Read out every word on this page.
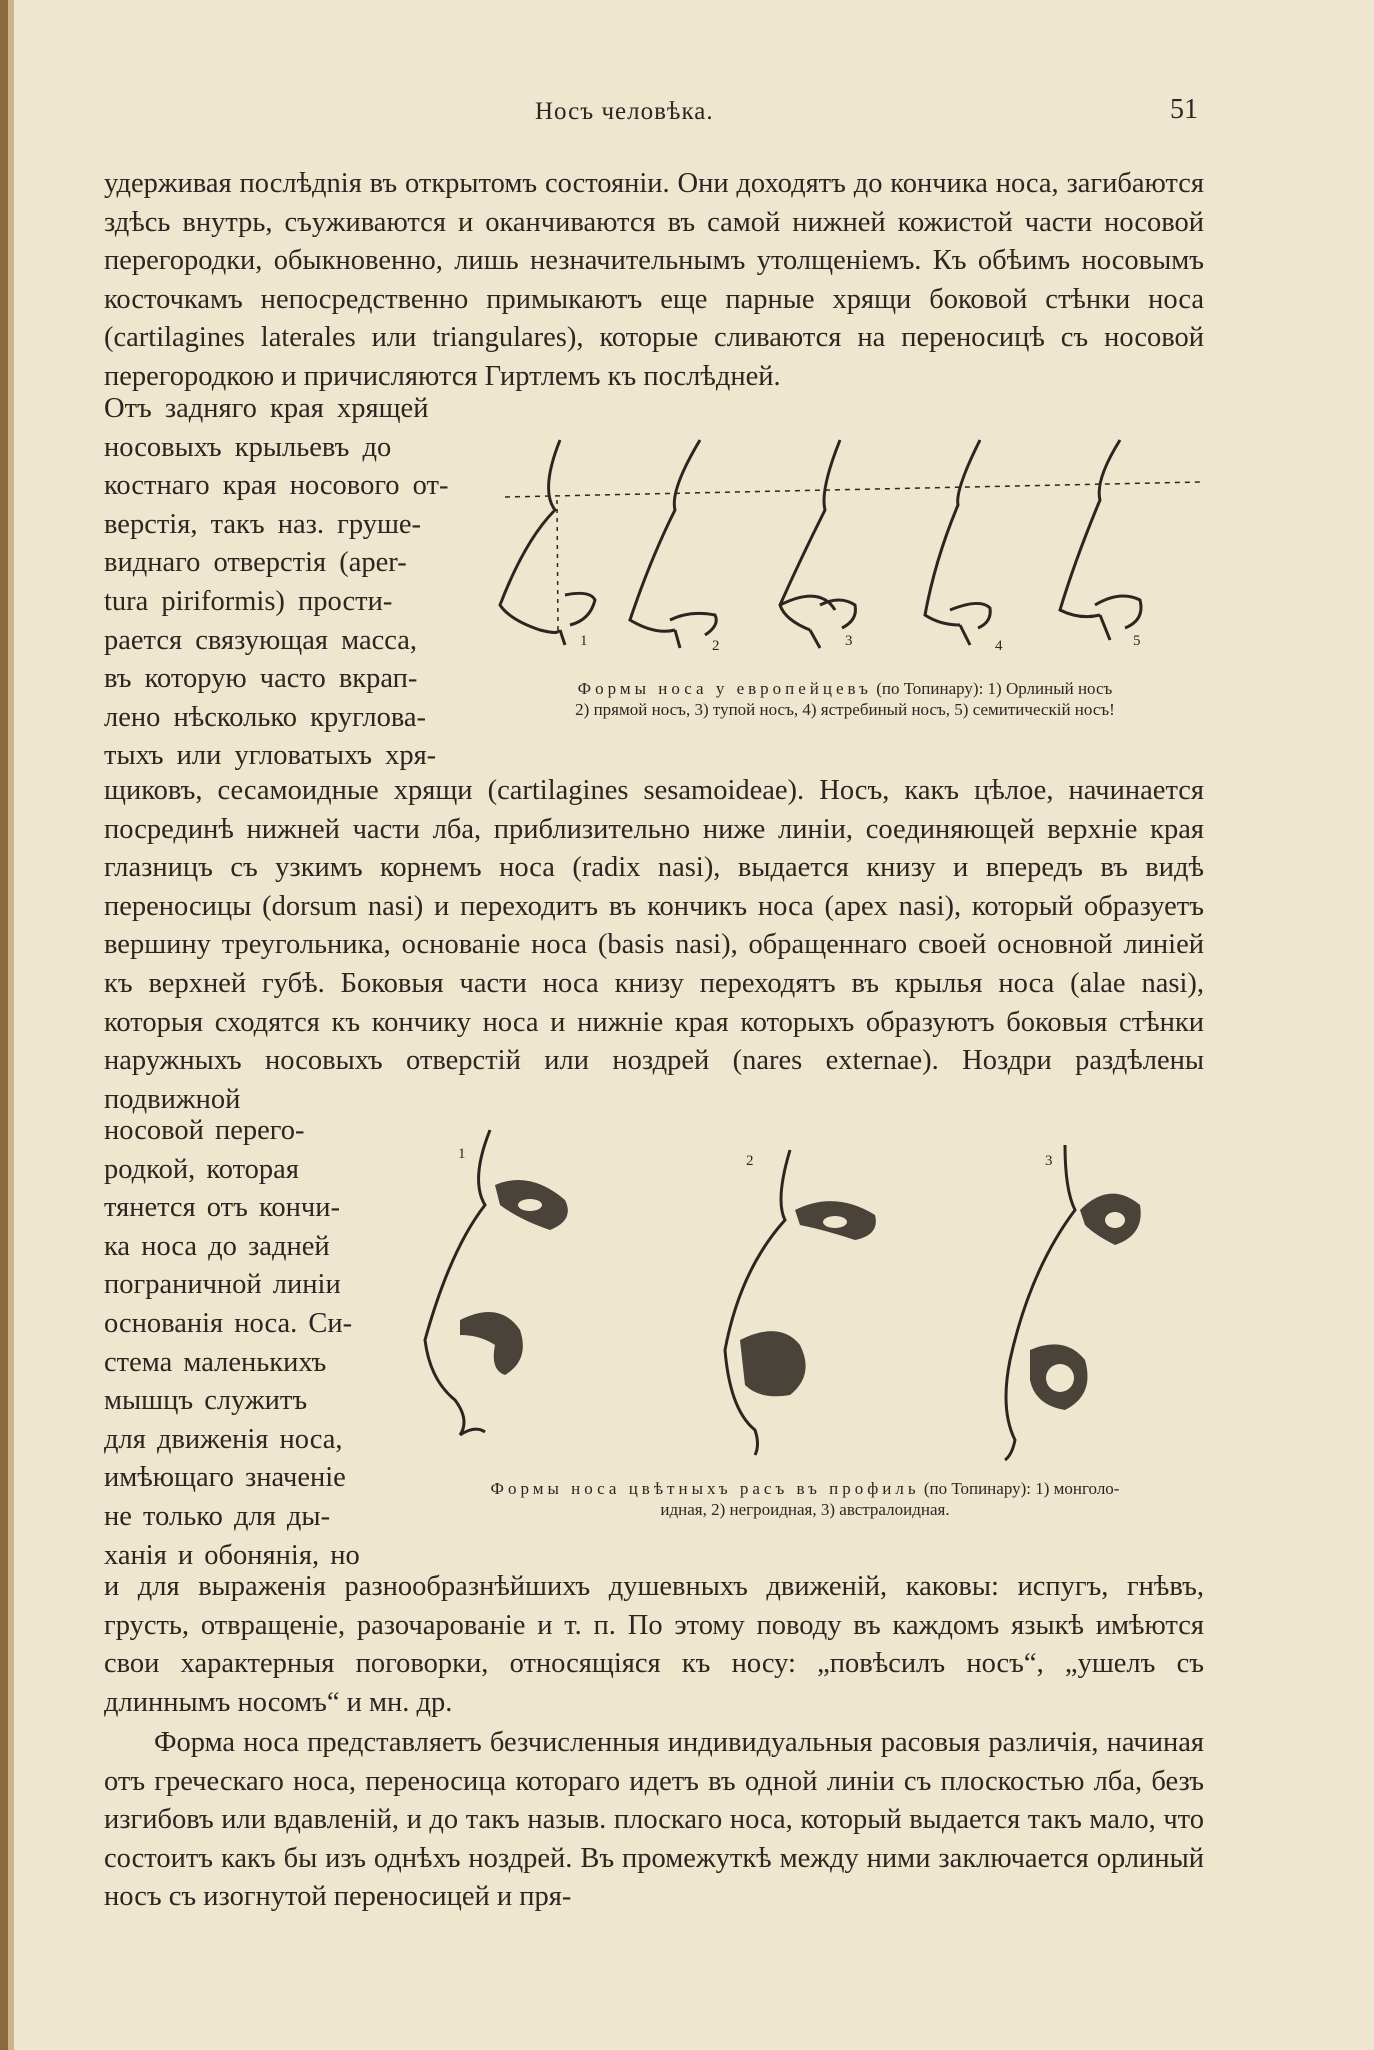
Носъ человѣка.	51

удерживая послѣдnія въ открытомъ состоянiи. Они доходятъ до кончика носа, загибаются здѣсь внутрь, съуживаются и оканчиваются въ самой нижней кожистой части носовой перегородки, обыкновенно, лишь незначительнымъ утолщенiемъ. Къ обѣимъ носовымъ косточкамъ непосредственно примыкаютъ еще парные хрящи боковой стѣнки носа (cartilagines laterales или triangulares), которые сливаются на переносицѣ съ носовой перегородкою и причисляются Гиртлемъ къ послѣдней.

Отъ задняго края хрящей
носовыхъ крыльевъ до
костнаго края носового от-
верстiя, такъ наз. груше-
виднаго отверстiя (aper-
tura piriformis) прости-
рается связующая масса,
въ которую часто вкрап-
лено нѣсколько круглова-
тыхъ или угловатыхъ хря-
1	2	3	4	5
Формы носа у европейцевъ (по Топинару): 1) Орлиный носъ
2) прямой носъ, 3) тупой носъ, 4) ястребиный носъ, 5) семитическiй носъ!

щиковъ, сесамоидные хрящи (cartilagines sesamoideae). Носъ, какъ цѣлое, начинается посрединѣ нижней части лба, приблизительно ниже линiи, соединяющей верхнiе края глазницъ съ узкимъ корнемъ носа (radix nasi), выдается книзу и впередъ въ видѣ переносицы (dorsum nasi) и переходитъ въ кончикъ носа (apex nasi), который образуетъ вершину треугольника, основанiе носа (basis nasi), обращеннаго своей основной линiей къ верхней губѣ. Боковыя части носа книзу переходятъ въ крылья носа (alae nasi), которыя сходятся къ кончику носа и нижнiе края которыхъ образуютъ боковыя стѣнки наружныхъ носовыхъ отверстiй или ноздрей (nares externae). Ноздри раздѣлены подвижной

носовой перего-
родкой, которая
тянется отъ кончи-
ка носа до задней
пограничной линiи
основанiя носа. Си-
стема маленькихъ
мышцъ служитъ
для движенiя носа,
имѣющаго значенiе
не только для ды-
ханiя и обонянiя, но
1	2	3
Формы носа цвѣтныхъ расъ въ профиль (по Топинару): 1) монголо-
идная, 2) негроидная, 3) австралоидная.

и для выраженiя разнообразнѣйшихъ душевныхъ движенiй, каковы: испугъ, гнѣвъ, грусть, отвращенiе, разочарованiе и т. п. По этому поводу въ каждомъ языкѣ имѣются свои характерныя поговорки, относящiяся къ носу: „повѣсилъ носъ“, „ушелъ съ длиннымъ носомъ“ и мн. др.

Форма носа представляетъ безчисленныя индивидуальныя расовыя различiя, начиная отъ греческаго носа, переносица котораго идетъ въ одной линiи съ плоскостью лба, безъ изгибовъ или вдавленiй, и до такъ назыв. плоскаго носа, который выдается такъ мало, что состоитъ какъ бы изъ однѣхъ ноздрей. Въ промежуткѣ между ними заключается орлиный носъ съ изогнутой переносицей и пря-
